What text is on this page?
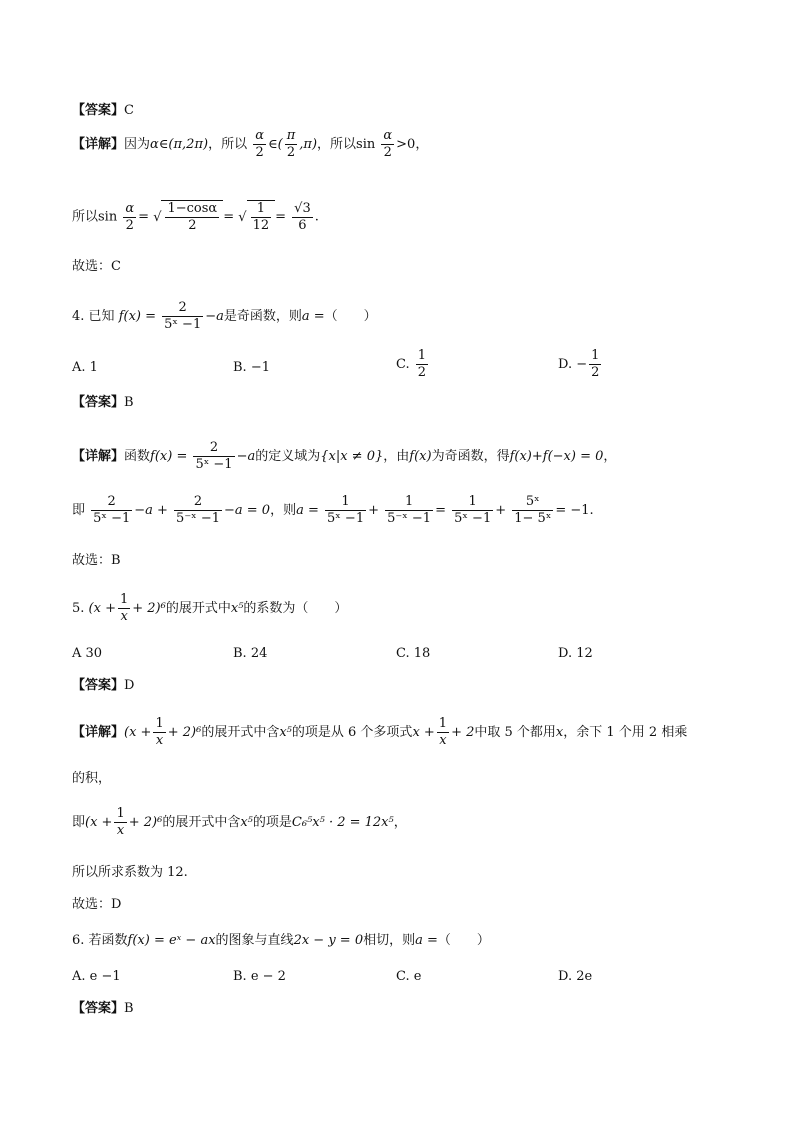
【答案】C
【详解】因为α∈(π,2π)，所以 $\frac{\alpha}{2}$ ∈( $\frac{\pi}{2} ,\pi$)，所以$\sin \frac{\alpha}{2} >0$，
所以$\sin \frac{\alpha}{2}$ = √ $\frac{1-\cos\alpha}{2}$ = √ $\frac{1}{12} = \frac{√3}{6}$ .
故选：C
4. 已知 $f(x) = \frac{2}{\text{5ˣ −1}} -a$是奇函数，则a =（　　）
A. 1	B. −1	C. $\frac{1}{2}$	D. − $\frac{1}{2}$
【答案】B
【详解】函数$f(x) = \frac{2}{\text{5ˣ −1}} -a$的定义域为{x|x ≠ 0}，由f(x)为奇函数，得f(x)+f(−x) = 0，
即 $\frac{2}{\text{5ˣ −1}} -a + \frac{2}{\text{5⁻ˣ −1}} -a = 0$，则$a = \frac{1}{\text{5ˣ −1}} + \frac{1}{\text{5⁻ˣ −1}} = \frac{1}{\text{5ˣ −1}} + \frac{\text{5ˣ}}{\text{1− 5ˣ}} = -1$.
故选：B
5. $(x + \frac{1}{x} + 2)^6$的展开式中x⁵的系数为（　　）
A 30	B. 24	C. 18	D. 12
【答案】D
【详解】$(x + \frac{1}{x} + 2)^6$的展开式中含x⁵的项是从 6 个多项式$x + \frac{1}{x} + 2$中取 5 个都用x，余下 1 个用 2 相乘
的积，
即$(x + \frac{1}{x} + 2)^6$的展开式中含x⁵的项是C₆⁵x⁵ · 2 = 12x⁵，
所以所求系数为 12.
故选：D
6. 若函数f(x) = eˣ − ax的图象与直线2x − y = 0相切，则a =（　　）
A. e −1	B. e − 2	C. e	D. 2e
【答案】B
